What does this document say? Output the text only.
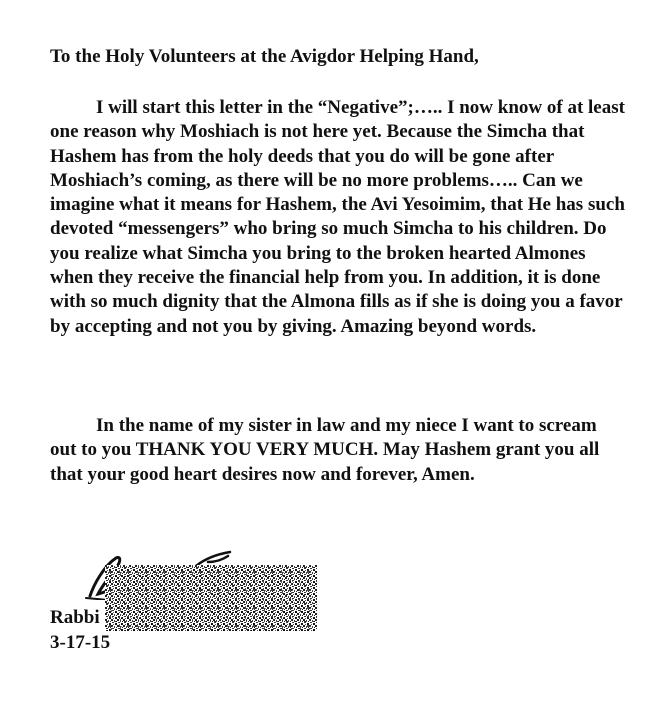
To the Holy Volunteers at the Avigdor Helping Hand,
I will start this letter in the “Negative”;….. I now know of at least one reason why Moshiach is not here yet. Because the Simcha that Hashem has from the holy deeds that you do will be gone after Moshiach’s coming, as there will be no more problems….. Can we imagine what it means for Hashem, the Avi Yesoimim, that He has such devoted “messengers” who bring so much Simcha to his children. Do you realize what Simcha you bring to the broken hearted Almones when they receive the financial help from you. In addition, it is done with so much dignity that the Almona fills as if she is doing you a favor by accepting and not you by giving. Amazing beyond words.
In the name of my sister in law and my niece I want to scream out to you THANK YOU VERY MUCH. May Hashem grant you all that your good heart desires now and forever, Amen.
Rabbi
3-17-15
